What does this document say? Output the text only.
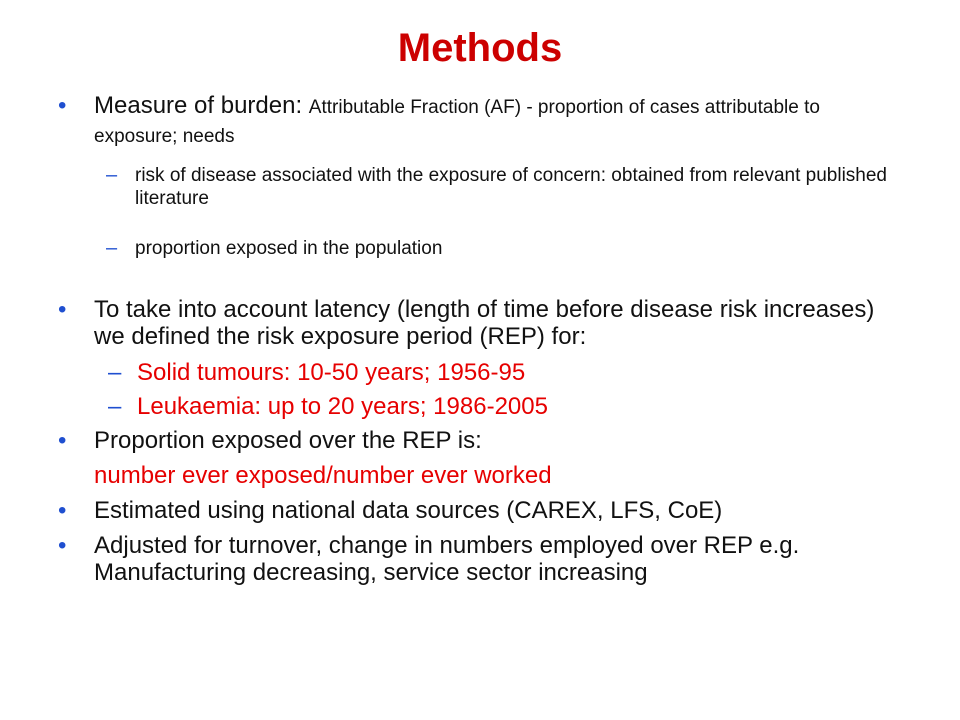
Methods
• Measure of burden: Attributable Fraction (AF) - proportion of cases attributable to exposure; needs
– risk of disease associated with the exposure of concern: obtained from relevant published literature
– proportion exposed in the population
• To take into account latency (length of time before disease risk increases) we defined the risk exposure period (REP) for:
– Solid tumours: 10-50 years; 1956-95
– Leukaemia: up to 20 years; 1986-2005
• Proportion exposed over the REP is:
number ever exposed/number ever worked
• Estimated using national data sources (CAREX, LFS, CoE)
• Adjusted for turnover, change in numbers employed over REP e.g. Manufacturing decreasing, service sector increasing
